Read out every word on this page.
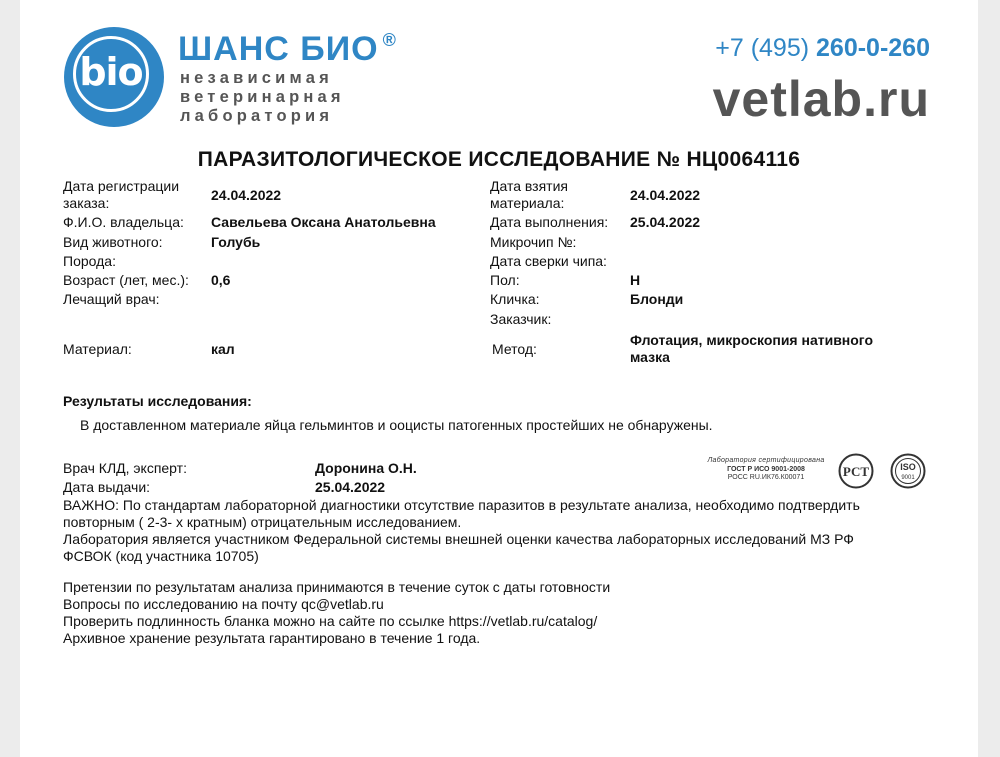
bio
ШАНС БИО ®
независимая
ветеринарная
лаборатория
+7 (495) 260-0-260
vetlab.ru
ПАРАЗИТОЛОГИЧЕСКОЕ ИССЛЕДОВАНИЕ № НЦ0064116
Дата регистрации заказа:	24.04.2022
Ф.И.О. владельца: Савельева Оксана Анатольевна
Вид животного:	Голубь
Порода:
Возраст (лет, мес.): 0,6
Лечащий врач:
Материал:	кал
Дата взятия материала:	24.04.2022
Дата выполнения: 25.04.2022
Микрочип №:
Дата сверки чипа:
Пол:	Н
Кличка:	Блонди
Заказчик:
Метод:
Флотация, микроскопия нативного мазка
Результаты исследования:
В доставленном материале яйца гельминтов и ооцисты патогенных простейших не обнаружены.
Врач КЛД, эксперт:	Доронина О.Н.
Дата выдачи:	25.04.2022
Лаборатория сертифицирована
ГОСТ Р ИСО 9001-2008
РОСС RU.ИК76.К00071	РСТ	ISO
9001
ВАЖНО: По стандартам лабораторной диагностики отсутствие паразитов в результате анализа, необходимо подтвердить
повторным ( 2-3- х кратным) отрицательным исследованием.
Лаборатория является участником Федеральной системы внешней оценки качества лабораторных исследований МЗ РФ
ФСВОК (код участника 10705)
Претензии по результатам анализа принимаются в течение суток с даты готовности
Вопросы по исследованию на почту qc@vetlab.ru
Проверить подлинность бланка можно на сайте по ссылке https://vetlab.ru/catalog/
Архивное хранение результата гарантировано в течение 1 года.
